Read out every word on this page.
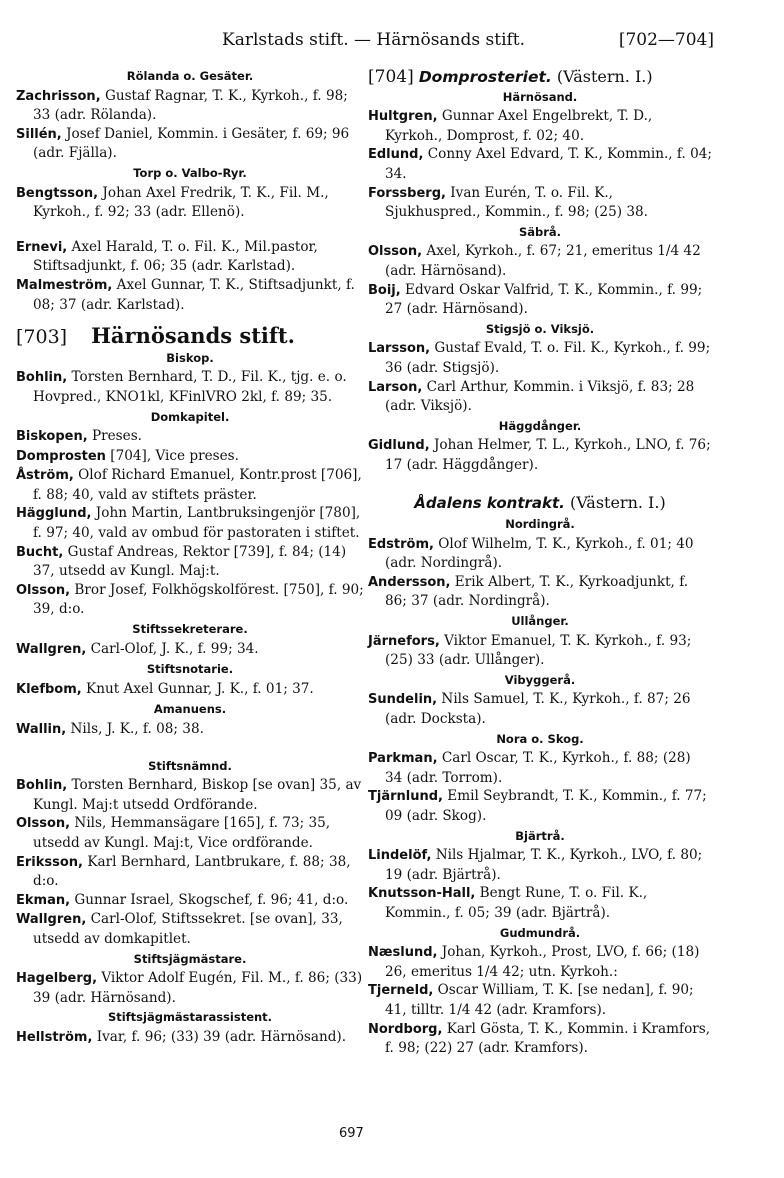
Karlstads stift. — Härnösands stift.	[702—704]
Rölanda o. Gesäter.
Zachrisson, Gustaf Ragnar, T. K., Kyrkoh., f. 98; 33 (adr. Rölanda).
Sillén, Josef Daniel, Kommin. i Gesäter, f. 69; 96 (adr. Fjälla).
Torp o. Valbo-Ryr.
Bengtsson, Johan Axel Fredrik, T. K., Fil. M., Kyrkoh., f. 92; 33 (adr. Ellenö).
Ernevi, Axel Harald, T. o. Fil. K., Mil.pastor, Stiftsadjunkt, f. 06; 35 (adr. Karlstad).
Malmeström, Axel Gunnar, T. K., Stiftsadjunkt, f. 08; 37 (adr. Karlstad).
[703] Härnösands stift.
Biskop.
Bohlin, Torsten Bernhard, T. D., Fil. K., tjg. e. o. Hovpred., KNO1kl, KFinlVRO 2kl, f. 89; 35.
Domkapitel.
Biskopen, Preses.
Domprosten [704], Vice preses.
Åström, Olof Richard Emanuel, Kontr.prost [706], f. 88; 40, vald av stiftets präster.
Hägglund, John Martin, Lantbruksingenjör [780], f. 97; 40, vald av ombud för pastoraten i stiftet.
Bucht, Gustaf Andreas, Rektor [739], f. 84; (14) 37, utsedd av Kungl. Maj:t.
Olsson, Bror Josef, Folkhögskolförest. [750], f. 90; 39, d:o.
Stiftssekreterare.
Wallgren, Carl-Olof, J. K., f. 99; 34.
Stiftsnotarie.
Klefbom, Knut Axel Gunnar, J. K., f. 01; 37.
Amanuens.
Wallin, Nils, J. K., f. 08; 38.
Stiftsnämnd.
Bohlin, Torsten Bernhard, Biskop [se ovan] 35, av Kungl. Maj:t utsedd Ordförande.
Olsson, Nils, Hemmansägare [165], f. 73; 35, utsedd av Kungl. Maj:t, Vice ordförande.
Eriksson, Karl Bernhard, Lantbrukare, f. 88; 38, d:o.
Ekman, Gunnar Israel, Skogschef, f. 96; 41, d:o.
Wallgren, Carl-Olof, Stiftssekret. [se ovan], 33, utsedd av domkapitlet.
Stiftsjägmästare.
Hagelberg, Viktor Adolf Eugén, Fil. M., f. 86; (33) 39 (adr. Härnösand).
Stiftsjägmästarassistent.
Hellström, Ivar, f. 96; (33) 39 (adr. Härnösand).
[704] Domprosteriet. (Västern. I.)
Härnösand.
Hultgren, Gunnar Axel Engelbrekt, T. D., Kyrkoh., Domprost, f. 02; 40.
Edlund, Conny Axel Edvard, T. K., Kommin., f. 04; 34.
Forssberg, Ivan Eurén, T. o. Fil. K., Sjukhuspred., Kommin., f. 98; (25) 38.
Säbrå.
Olsson, Axel, Kyrkoh., f. 67; 21, emeritus 1/4 42 (adr. Härnösand).
Boij, Edvard Oskar Valfrid, T. K., Kommin., f. 99; 27 (adr. Härnösand).
Stigsjö o. Viksjö.
Larsson, Gustaf Evald, T. o. Fil. K., Kyrkoh., f. 99; 36 (adr. Stigsjö).
Larson, Carl Arthur, Kommin. i Viksjö, f. 83; 28 (adr. Viksjö).
Häggdånger.
Gidlund, Johan Helmer, T. L., Kyrkoh., LNO, f. 76; 17 (adr. Häggdånger).
Ådalens kontrakt. (Västern. I.)
Nordingrå.
Edström, Olof Wilhelm, T. K., Kyrkoh., f. 01; 40 (adr. Nordingrå).
Andersson, Erik Albert, T. K., Kyrkoadjunkt, f. 86; 37 (adr. Nordingrå).
Ullånger.
Järnefors, Viktor Emanuel, T. K. Kyrkoh., f. 93; (25) 33 (adr. Ullånger).
Vibyggerå.
Sundelin, Nils Samuel, T. K., Kyrkoh., f. 87; 26 (adr. Docksta).
Nora o. Skog.
Parkman, Carl Oscar, T. K., Kyrkoh., f. 88; (28) 34 (adr. Torrom).
Tjärnlund, Emil Seybrandt, T. K., Kommin., f. 77; 09 (adr. Skog).
Bjärtrå.
Lindelöf, Nils Hjalmar, T. K., Kyrkoh., LVO, f. 80; 19 (adr. Bjärtrå).
Knutsson-Hall, Bengt Rune, T. o. Fil. K., Kommin., f. 05; 39 (adr. Bjärtrå).
Gudmundrå.
Næslund, Johan, Kyrkoh., Prost, LVO, f. 66; (18) 26, emeritus 1/4 42; utn. Kyrkoh.:
Tjerneld, Oscar William, T. K. [se nedan], f. 90; 41, tilltr. 1/4 42 (adr. Kramfors).
Nordborg, Karl Gösta, T. K., Kommin. i Kramfors, f. 98; (22) 27 (adr. Kramfors).
697
